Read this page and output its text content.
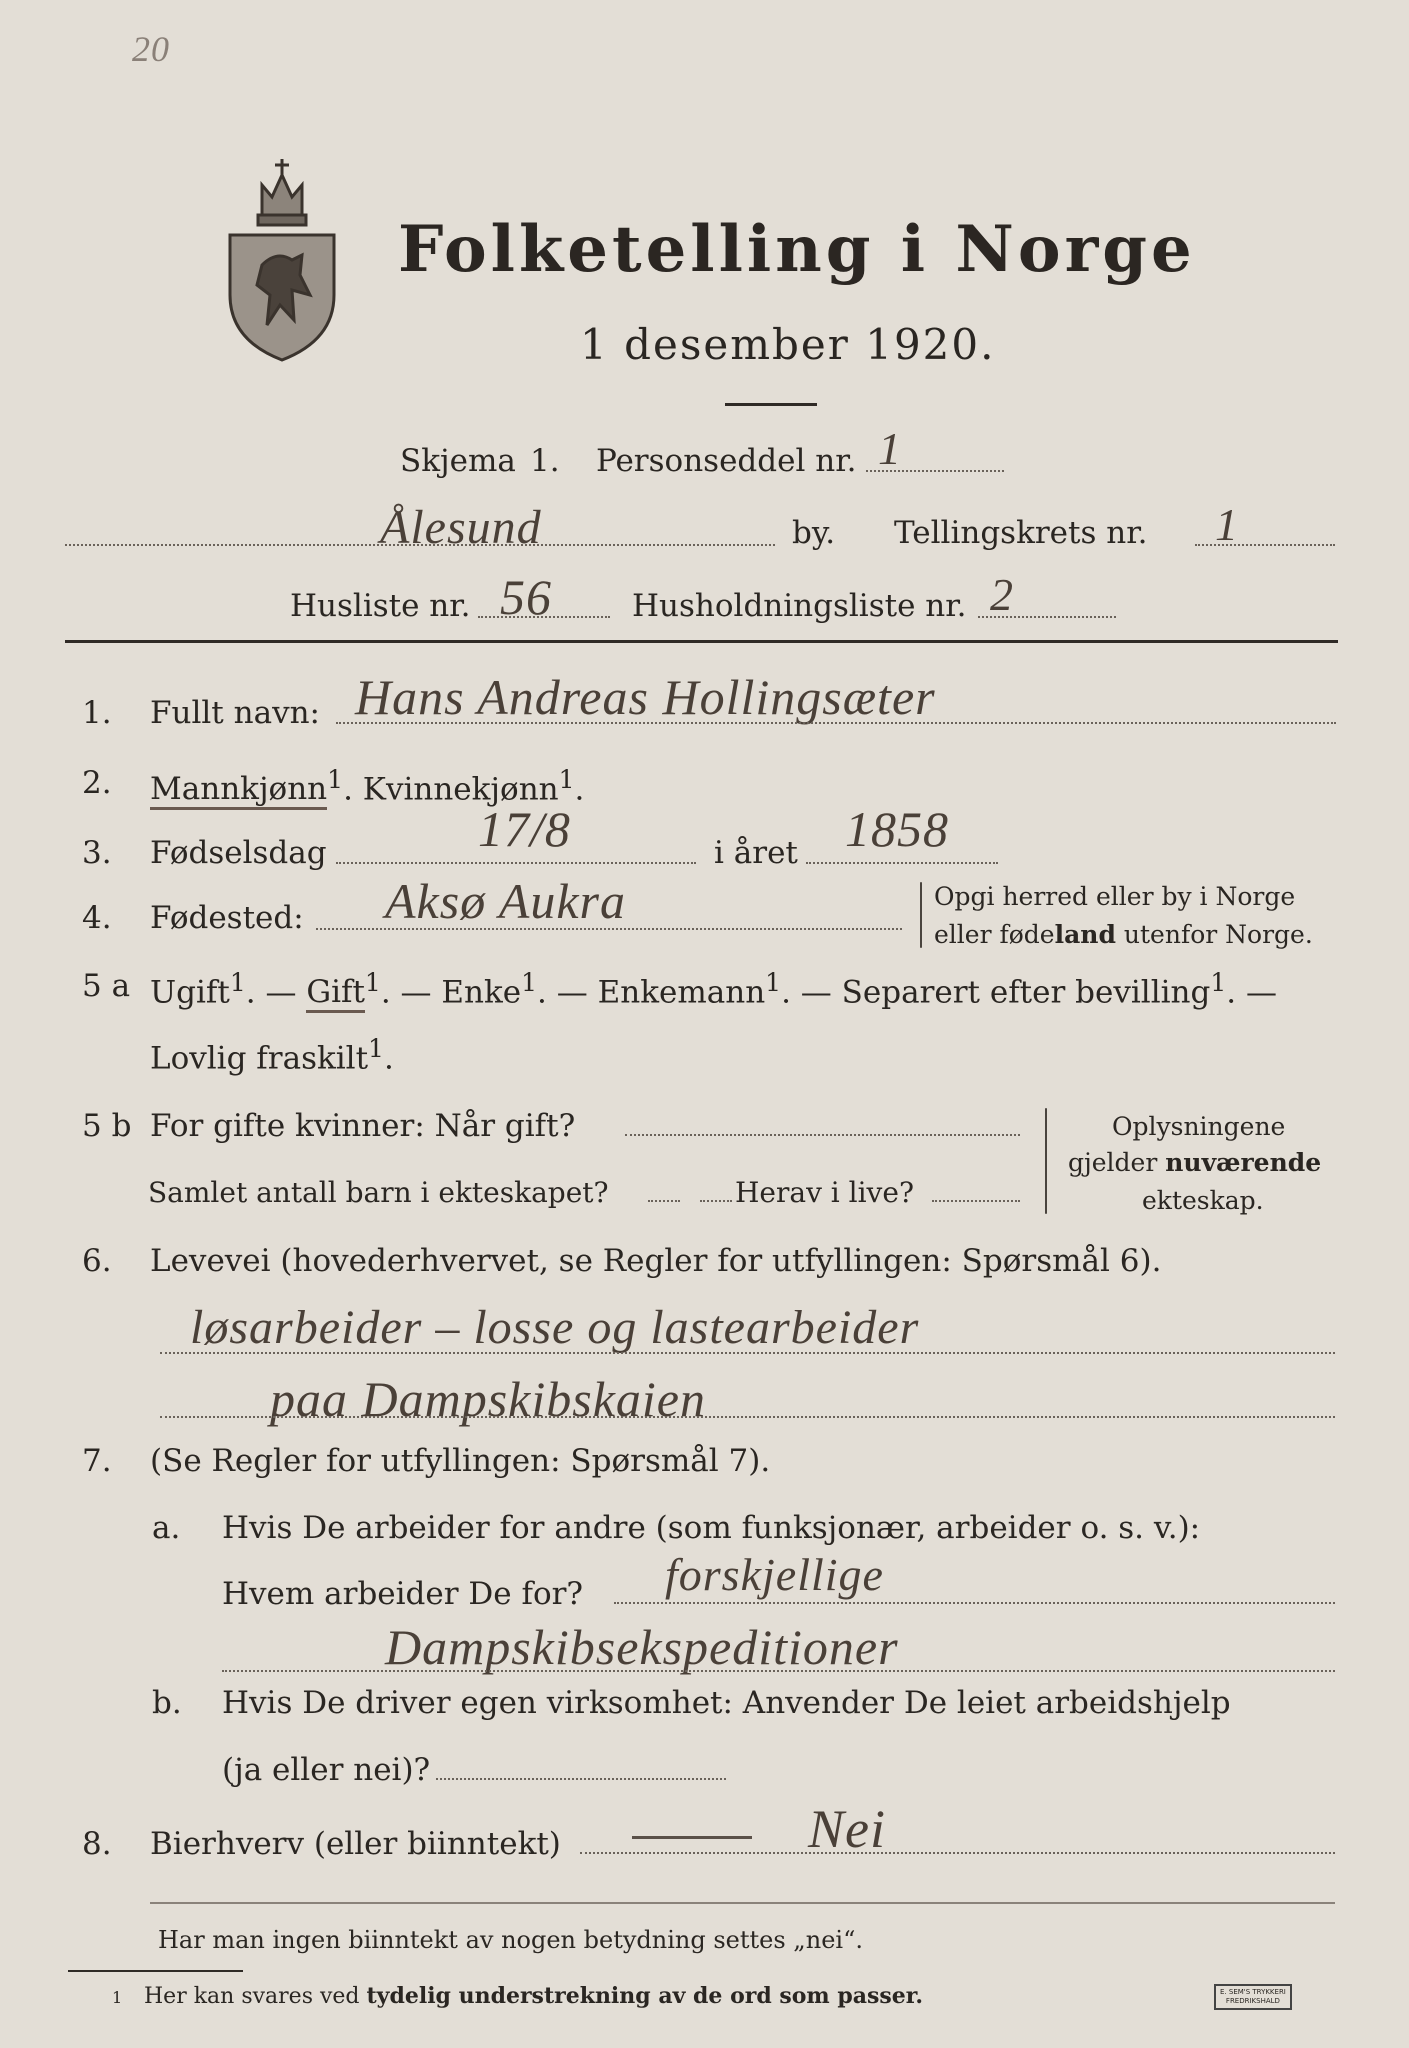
20
Folketelling i Norge
1 desember 1920.
Skjema 1. Personseddel nr. 1
Ålesund	by. Tellingskrets nr. 1
Husliste nr. 56	Husholdningsliste nr. 2
1. Fullt navn: Hans Andreas Hollingsæter
2. Mannkjønn$^1$. Kvinnekjønn$^1$.
3. Fødselsdag	17/8	i året 1858
4. Fødested: Aksø Aukra	Opgi herred eller by i Norge
eller fødeland utenfor Norge.
5 a Ugift$^1$. — Gift$^1$. — Enke$^1$. — Enkemann$^1$. — Separert efter bevilling$^1$. —
Lovlig fraskilt$^1$.
5 b For gifte kvinner: Når gift?
Samlet antall barn i ekteskapet?	Herav i live?
Oplysningene
gjelder nuværende
ekteskap.
6. Levevei (hovederhvervet, se Regler for utfyllingen: Spørsmål 6).
løsarbeider – losse og lastearbeider
paa Dampskibskaien
7. (Se Regler for utfyllingen: Spørsmål 7).
a. Hvis De arbeider for andre (som funksjonær, arbeider o. s. v.):
Hvem arbeider De for? forskjellige
Dampskibsekspeditioner
b. Hvis De driver egen virksomhet: Anvender De leiet arbeidshjelp
(ja eller nei)?
8. Bierhverv (eller biinntekt)	Nei
Har man ingen biinntekt av nogen betydning settes „nei“.
1 Her kan svares ved tydelig understrekning av de ord som passer.	E. SEM'S TRYKKERI
FREDRIKSHALD
